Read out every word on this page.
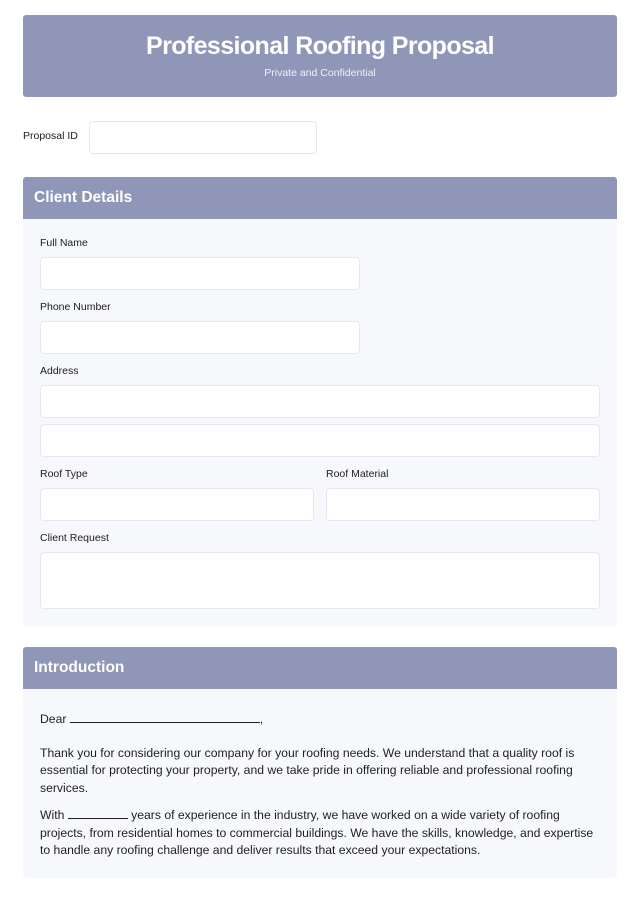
Professional Roofing Proposal
Private and Confidential
Proposal ID
Client Details
Full Name
Phone Number
Address
Roof Type	Roof Material
Client Request
Introduction

Dear	,

Thank you for considering our company for your roofing needs. We understand that a quality roof is essential for protecting your property, and we take pride in offering reliable and professional roofing services.

With	years of experience in the industry, we have worked on a wide variety of roofing projects, from residential homes to commercial buildings. We have the skills, knowledge, and expertise to handle any roofing challenge and deliver results that exceed your expectations.
